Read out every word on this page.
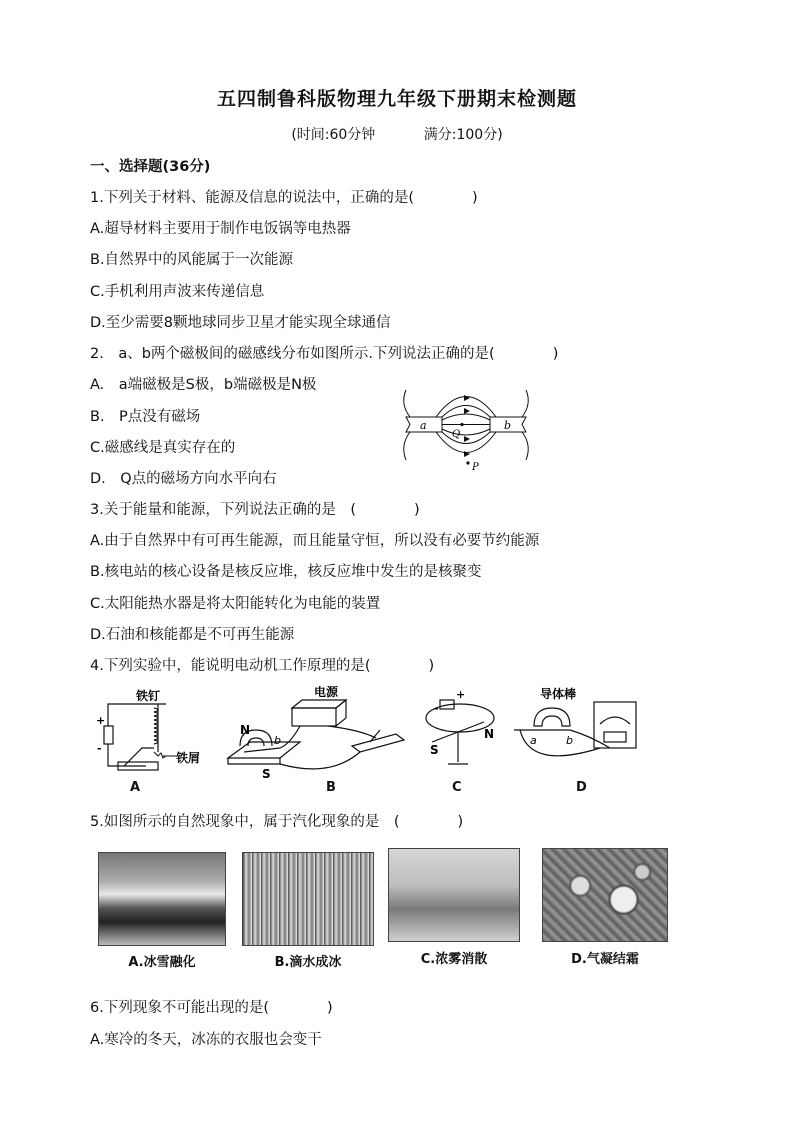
五四制鲁科版物理九年级下册期末检测题
(时间:60分钟	满分:100分)
一、选择题(36分)
1.下列关于材料、能源及信息的说法中，正确的是(　　　　)
A.超导材料主要用于制作电饭锅等电热器
B.自然界中的风能属于一次能源
C.手机利用声波来传递信息
D.至少需要8颗地球同步卫星才能实现全球通信
2.　a、b两个磁极间的磁感线分布如图所示.下列说法正确的是(　　　　)
A.　a端磁极是S极，b端磁极是N极
B.　P点没有磁场
C.磁感线是真实存在的
D.　Q点的磁场方向水平向右
a	b
Q
P
3.关于能量和能源，下列说法正确的是　(　　　　)
A.由于自然界中有可再生能源，而且能量守恒，所以没有必要节约能源
B.核电站的核心设备是核反应堆，核反应堆中发生的是核聚变
C.太阳能热水器是将太阳能转化为电能的装置
D.石油和核能都是不可再生能源
4.下列实验中，能说明电动机工作原理的是(　　　　)
铁钉
铁屑
+
-
A
电源
N
S
b
B
+
-
S
N
C
导体棒
a	b
D
5.如图所示的自然现象中，属于汽化现象的是　(　　　　)
A.冰雪融化	B.滴水成冰	C.浓雾消散	D.气凝结霜
6.下列现象不可能出现的是(　　　　)
A.寒冷的冬天，冰冻的衣服也会变干
